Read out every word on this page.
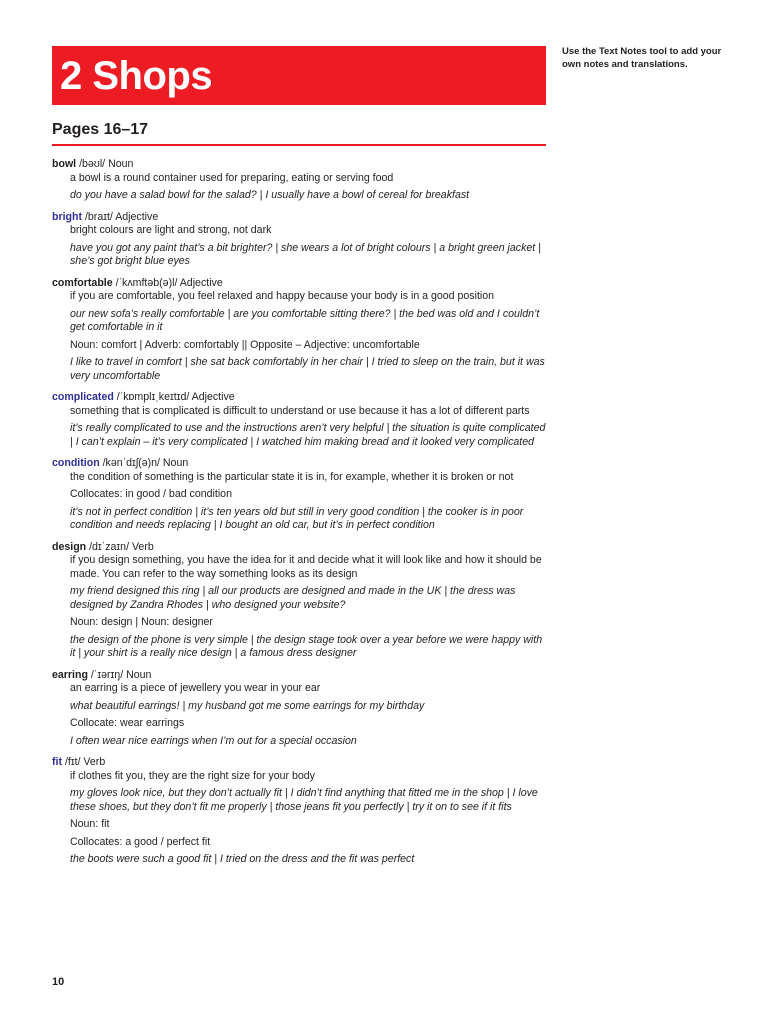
2 Shops
Use the Text Notes tool to add your own notes and translations.
Pages 16–17
bowl /bəʊl/ Noun
a bowl is a round container used for preparing, eating or serving food
do you have a salad bowl for the salad? | I usually have a bowl of cereal for breakfast
bright /braɪt/ Adjective
bright colours are light and strong, not dark
have you got any paint that’s a bit brighter? | she wears a lot of bright colours | a bright green jacket | she’s got bright blue eyes
comfortable /ˈkʌmftəb(ə)l/ Adjective
if you are comfortable, you feel relaxed and happy because your body is in a good position
our new sofa’s really comfortable | are you comfortable sitting there? | the bed was old and I couldn’t get comfortable in it
Noun: comfort | Adverb: comfortably || Opposite – Adjective: uncomfortable
I like to travel in comfort | she sat back comfortably in her chair | I tried to sleep on the train, but it was very uncomfortable
complicated /ˈkɒmplɪˌkeɪtɪd/ Adjective
something that is complicated is difficult to understand or use because it has a lot of different parts
it’s really complicated to use and the instructions aren’t very helpful | the situation is quite complicated | I can’t explain – it’s very complicated | I watched him making bread and it looked very complicated
condition /kənˈdɪʃ(ə)n/ Noun
the condition of something is the particular state it is in, for example, whether it is broken or not
Collocates: in good / bad condition
it’s not in perfect condition | it’s ten years old but still in very good condition | the cooker is in poor condition and needs replacing | I bought an old car, but it’s in perfect condition
design /dɪˈzaɪn/ Verb
if you design something, you have the idea for it and decide what it will look like and how it should be made. You can refer to the way something looks as its design
my friend designed this ring | all our products are designed and made in the UK | the dress was designed by Zandra Rhodes | who designed your website?
Noun: design | Noun: designer
the design of the phone is very simple | the design stage took over a year before we were happy with it | your shirt is a really nice design | a famous dress designer
earring /ˈɪərɪŋ/ Noun
an earring is a piece of jewellery you wear in your ear
what beautiful earrings! | my husband got me some earrings for my birthday
Collocate: wear earrings
I often wear nice earrings when I’m out for a special occasion
fit /fɪt/ Verb
if clothes fit you, they are the right size for your body
my gloves look nice, but they don’t actually fit | I didn’t find anything that fitted me in the shop | I love these shoes, but they don’t fit me properly | those jeans fit you perfectly | try it on to see if it fits
Noun: fit
Collocates: a good / perfect fit
the boots were such a good fit | I tried on the dress and the fit was perfect
10
